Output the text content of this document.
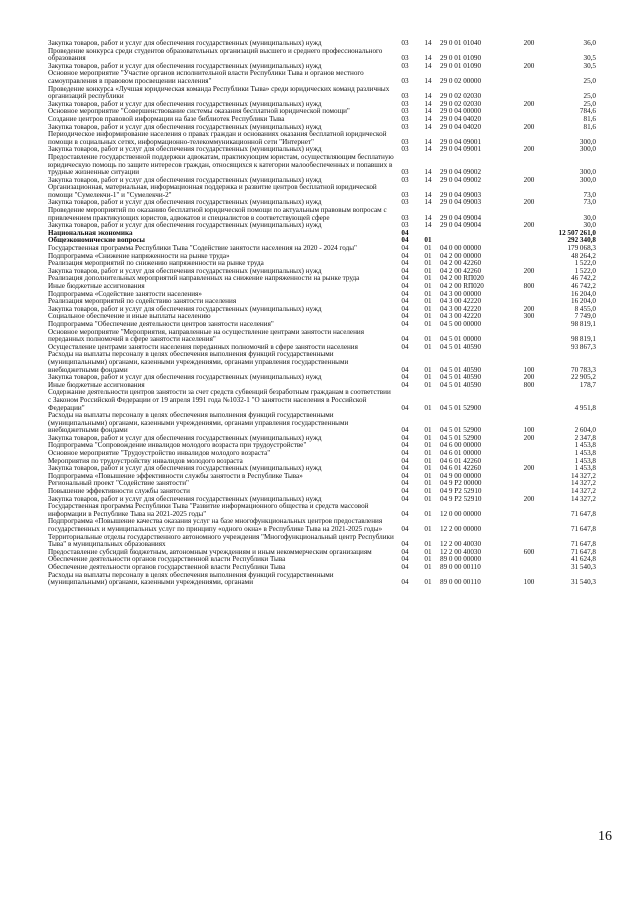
Закупка товаров, работ и услуг для обеспечения государственных (муниципальных) нужд	03	14	29 0 01 01040	200	36,0
Проведение конкурса среди студентов образовательных организаций высшего и среднего профессионального образования	03	14	29 0 01 01090		30,5
Закупка товаров, работ и услуг для обеспечения государственных (муниципальных) нужд	03	14	29 0 01 01090	200	30,5
Основное мероприятие "Участие органов исполнительной власти Республики Тыва и органов местного самоуправления в правовом просвещении населения"	03	14	29 0 02 00000		25,0
Проведение конкурса «Лучшая юридическая команда Республики Тыва» среди юридических команд различных организаций республики	03	14	29 0 02 02030		25,0
Закупка товаров, работ и услуг для обеспечения государственных (муниципальных) нужд	03	14	29 0 02 02030	200	25,0
Основное мероприятие "Совершенствование системы оказания бесплатной юридической помощи"	03	14	29 0 04 00000		784,6
Создание центров правовой информации на базе библиотек Республики Тыва	03	14	29 0 04 04020		81,6
Закупка товаров, работ и услуг для обеспечения государственных (муниципальных) нужд	03	14	29 0 04 04020	200	81,6
Периодическое информирование населения о правах граждан и основаниях оказания бесплатной юридической помощи в социальных сетях, информационно-телекоммуникационной сети "Интернет"	03	14	29 0 04 09001		300,0
Закупка товаров, работ и услуг для обеспечения государственных (муниципальных) нужд	03	14	29 0 04 09001	200	300,0
Предоставление государственной поддержки адвокатам, практикующим юристам, осуществляющим бесплатную юридическую помощь по защите интересов граждан, относящихся к категории малообеспеченных и попавших в трудные жизненные ситуации	03	14	29 0 04 09002		300,0
Закупка товаров, работ и услуг для обеспечения государственных (муниципальных) нужд	03	14	29 0 04 09002	200	300,0
Организационная, материальная, информационная поддержка и развитие центров бесплатной юридической помощи "Сумелекчи-1" и "Сумелекчи-2"	03	14	29 0 04 09003		73,0
Закупка товаров, работ и услуг для обеспечения государственных (муниципальных) нужд	03	14	29 0 04 09003	200	73,0
Проведение мероприятий по оказанию бесплатной юридической помощи по актуальным правовым вопросам с привлечением практикующих юристов, адвокатов и специалистов в соответствующей сфере	03	14	29 0 04 09004		30,0
Закупка товаров, работ и услуг для обеспечения государственных (муниципальных) нужд	03	14	29 0 04 09004	200	30,0
Национальная экономика	04				12 507 261,0
Общеэкономические вопросы	04	01			292 340,8
Государственная программа Республики Тыва "Содействие занятости населения на 2020 - 2024 годы"	04	01	04 0 00 00000		179 068,3
Подпрограмма «Снижение напряженности на рынке труда»	04	01	04 2 00 00000		48 264,2
Реализация мероприятий по снижению напряженности на рынке труда	04	01	04 2 00 42260		1 522,0
Закупка товаров, работ и услуг для обеспечения государственных (муниципальных) нужд	04	01	04 2 00 42260	200	1 522,0
Реализация дополнительных мероприятий направленных на снижение напряженности на рынке труда	04	01	04 2 00 RП020		46 742,2
Иные бюджетные ассигнования	04	01	04 2 00 RП020	800	46 742,2
Подпрограмма «Содействие занятости населения»	04	01	04 3 00 00000		16 204,0
Реализация мероприятий по содействию занятости населения	04	01	04 3 00 42220		16 204,0
Закупка товаров, работ и услуг для обеспечения государственных (муниципальных) нужд	04	01	04 3 00 42220	200	8 455,0
Социальное обеспечение и иные выплаты населению	04	01	04 3 00 42220	300	7 749,0
Подпрограмма "Обеспечение деятельности центров занятости населения"	04	01	04 5 00 00000		98 819,1
Основное мероприятие "Мероприятия, направленные на осуществление центрами занятости населения переданных полномочий в сфере занятости населения"	04	01	04 5 01 00000		98 819,1
Осуществление центрами занятости населения переданных полномочий в сфере занятости населения	04	01	04 5 01 40590		93 867,3
Расходы на выплаты персоналу в целях обеспечения выполнения функций государственными (муниципальными) органами, казенными учреждениями, органами управления государственными внебюджетными фондами	04	01	04 5 01 40590	100	70 783,3
Закупка товаров, работ и услуг для обеспечения государственных (муниципальных) нужд	04	01	04 5 01 40590	200	22 905,2
Иные бюджетные ассигнования	04	01	04 5 01 40590	800	178,7
Содержание деятельности центров занятости за счет средств субвенций безработным гражданам в соответствии с Законом Российской Федерации от 19 апреля 1991 года №1032-1 "О занятости населения в Российской Федерации"	04	01	04 5 01 52900		4 951,8
Расходы на выплаты персоналу в целях обеспечения выполнения функций государственными (муниципальными) органами, казенными учреждениями, органами управления государственными внебюджетными фондами	04	01	04 5 01 52900	100	2 604,0
Закупка товаров, работ и услуг для обеспечения государственных (муниципальных) нужд	04	01	04 5 01 52900	200	2 347,8
Подпрограмма "Сопровождение инвалидов молодого возраста при трудоустройстве"	04	01	04 6 00 00000		1 453,8
Основное мероприятие "Трудоустройство инвалидов молодого возраста"	04	01	04 6 01 00000		1 453,8
Мероприятия по трудоустройству инвалидов молодого возраста	04	01	04 6 01 42260		1 453,8
Закупка товаров, работ и услуг для обеспечения государственных (муниципальных) нужд	04	01	04 6 01 42260	200	1 453,8
Подпрограмма «Повышение эффективности службы занятости в Республике Тыва»	04	01	04 9 00 00000		14 327,2
Региональный проект "Содействие занятости"	04	01	04 9 P2 00000		14 327,2
Повышение эффективности службы занятости	04	01	04 9 P2 52910		14 327,2
Закупка товаров, работ и услуг для обеспечения государственных (муниципальных) нужд	04	01	04 9 P2 52910	200	14 327,2
Государственная программа Республики Тыва "Развитие информационного общества и средств массовой информации в Республике Тыва на 2021-2025 годы"	04	01	12 0 00 00000		71 647,8
Подпрограмма «Повышение качества оказания услуг на базе многофункциональных центров предоставления государственных и муниципальных услуг по принципу «одного окна» в Республике Тыва на 2021-2025 годы»	04	01	12 2 00 00000		71 647,8
Территориальные отделы государственного автономного учреждения "Многофункциональный центр Республики Тыва" в муниципальных образованиях	04	01	12 2 00 40030		71 647,8
Предоставление субсидий бюджетным, автономным учреждениям и иным некоммерческим организациям	04	01	12 2 00 40030	600	71 647,8
Обеспечение деятельности органов государственной власти Республики Тыва	04	01	89 0 00 00000		41 624,8
Обеспечение деятельности органов государственной власти Республики Тыва	04	01	89 0 00 00110		31 540,3
Расходы на выплаты персоналу в целях обеспечения выполнения функций государственными (муниципальными) органами, казенными учреждениями, органами	04	01	89 0 00 00110	100	31 540,3
16
